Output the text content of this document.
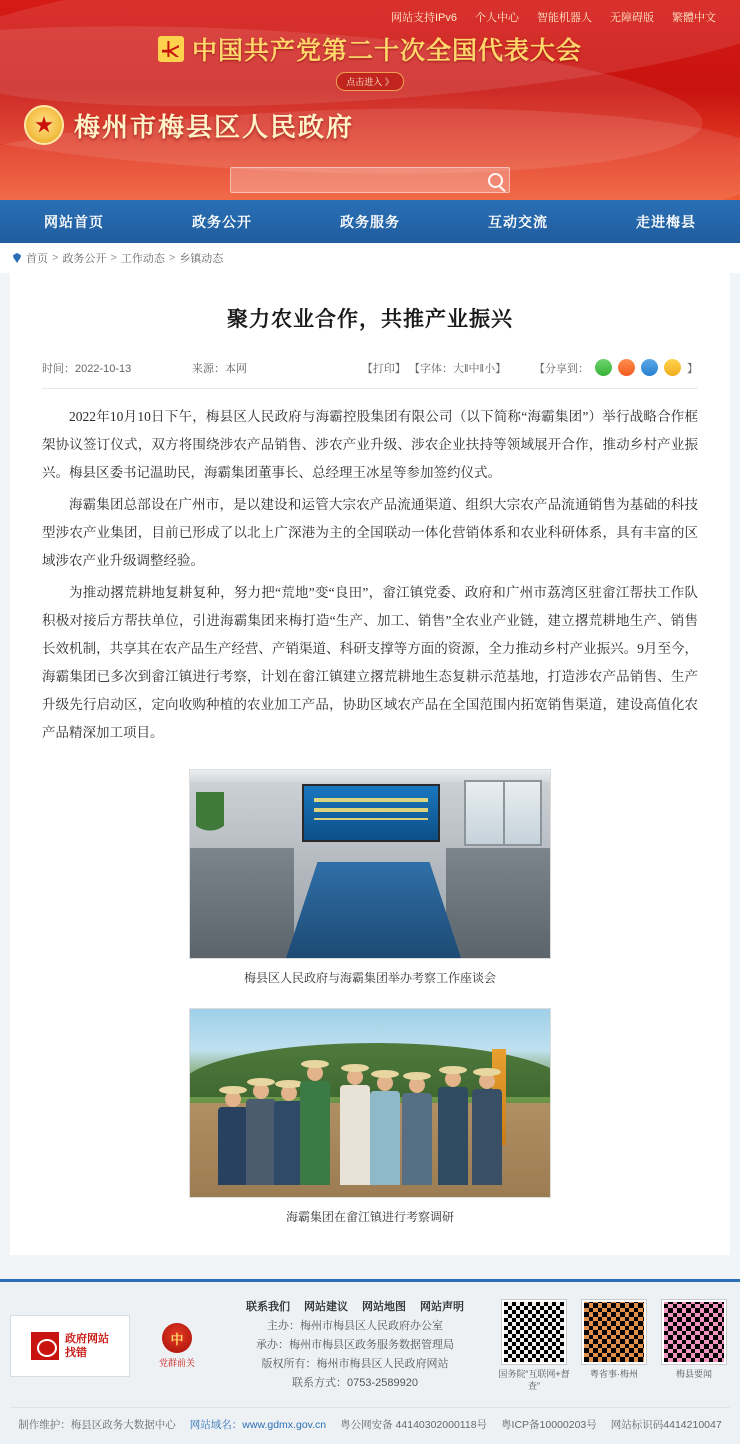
网站支持IPv6 个人中心 智能机器人 无障碍版 繁體中文
中国共产党第二十次全国代表大会
点击进入 》
梅州市梅县区人民政府
网站首页	政务公开	政务服务	互动交流	走进梅县
首页 > 政务公开 > 工作动态 > 乡镇动态
聚力农业合作，共推产业振兴
时间：2022-10-13	来源：本网	【打印】 【字体：大‖中‖小】	【分享到：	】

2022年10月10日下午，梅县区人民政府与海霸控股集团有限公司（以下简称“海霸集团”）举行战略合作框架协议签订仪式，双方将围绕涉农产品销售、涉农产业升级、涉农企业扶持等领域展开合作，推动乡村产业振兴。梅县区委书记温助民，海霸集团董事长、总经理王冰星等参加签约仪式。

海霸集团总部设在广州市，是以建设和运管大宗农产品流通渠道、组织大宗农产品流通销售为基础的科技型涉农产业集团，目前已形成了以北上广深港为主的全国联动一体化营销体系和农业科研体系，具有丰富的区域涉农产业升级调整经验。

为推动撂荒耕地复耕复种，努力把“荒地”变“良田”，畲江镇党委、政府和广州市荔湾区驻畲江帮扶工作队积极对接后方帮扶单位，引进海霸集团来梅打造“生产、加工、销售”全农业产业链，建立撂荒耕地生产、销售长效机制，共享其在农产品生产经营、产销渠道、科研支撑等方面的资源，全力推动乡村产业振兴。9月至今，海霸集团已多次到畲江镇进行考察，计划在畲江镇建立撂荒耕地生态复耕示范基地，打造涉农产品销售、生产升级先行启动区，定向收购种植的农业加工产品，协助区域农产品在全国范围内拓宽销售渠道，建设高值化农产品精深加工项目。

梅县区人民政府与海霸集团举办考察工作座谈会
海霸集团在畲江镇进行考察调研
政府网站
找错
中
党群前关
联系我们 网站建议 网站地图 网站声明
主办：梅州市梅县区人民政府办公室
承办：梅州市梅县区政务服务数据管理局
版权所有：梅州市梅县区人民政府网站
联系方式：0753-2589920
国务院“互联网+督查”
粤省事·梅州	梅县要闻
制作维护：梅县区政务大数据中心 网站域名：www.gdmx.gov.cn 粤公网安备 44140302000118号 粤ICP备10000203号 网站标识码4414210047
